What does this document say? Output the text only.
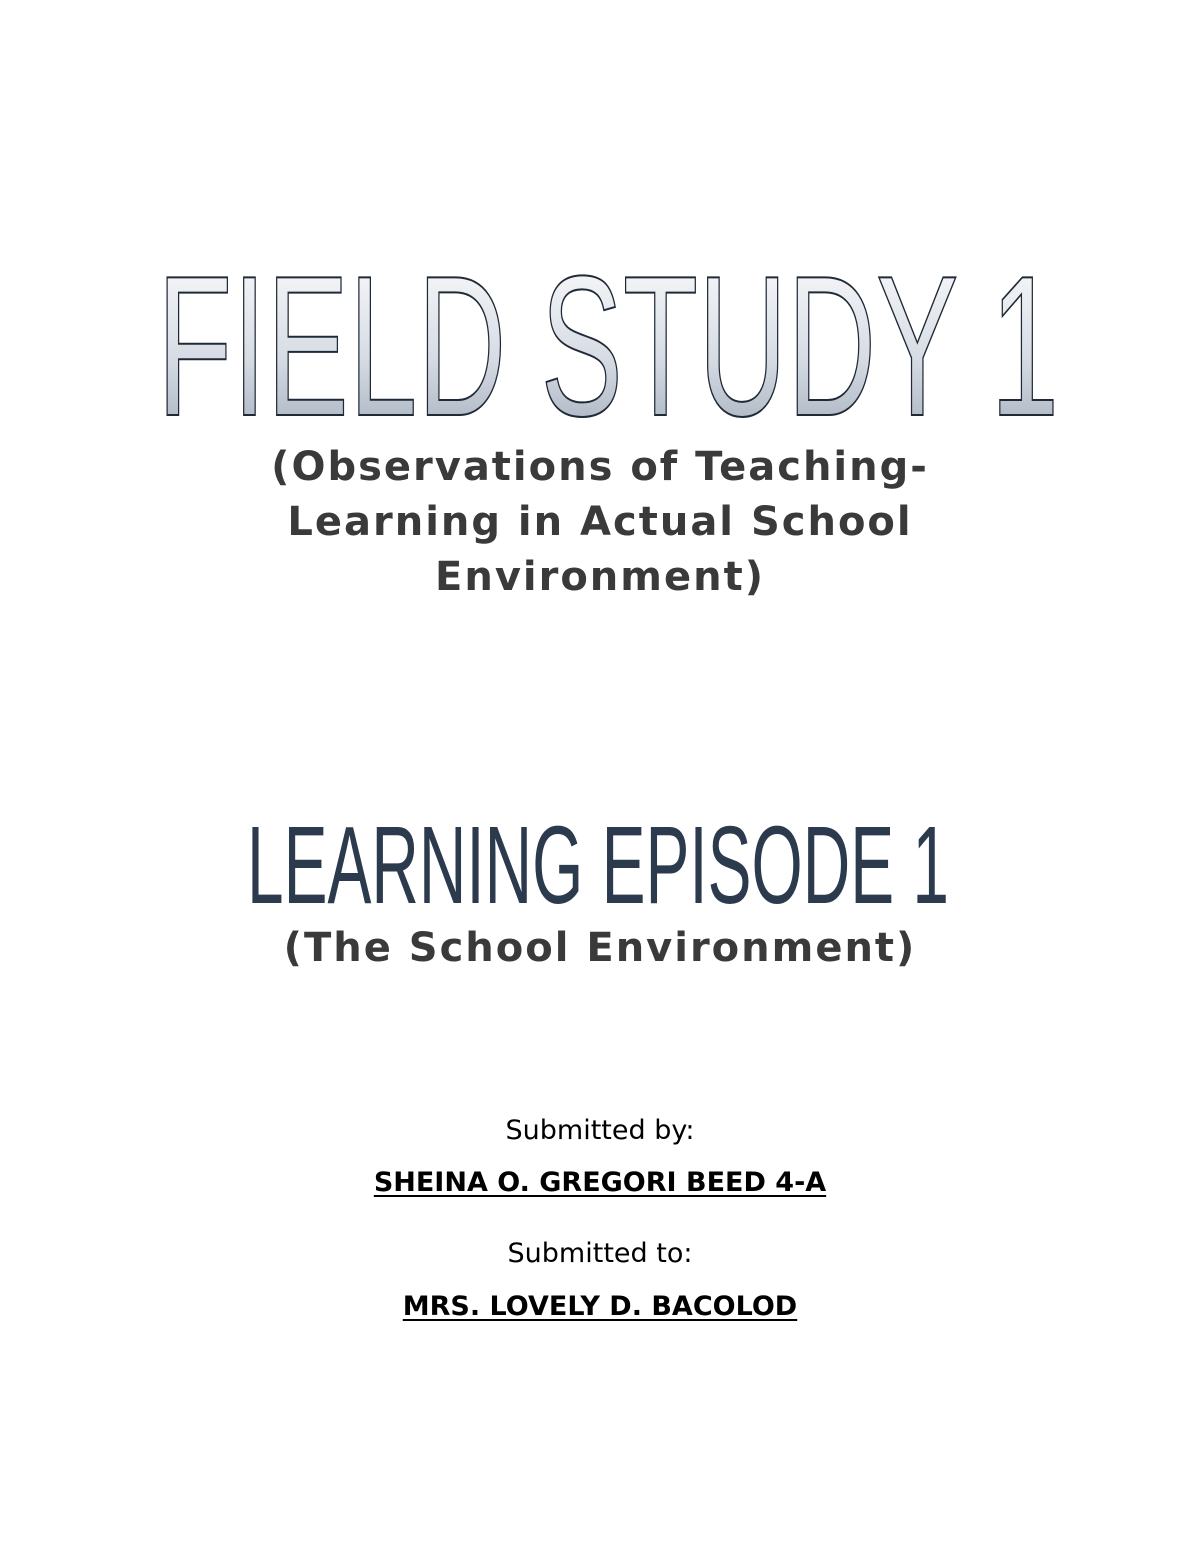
FIELD STUDY 1

(Observations of Teaching-
Learning in Actual School
Environment)

LEARNING EPISODE 1

(The School Environment)

Submitted by:

SHEINA O. GREGORI BEED 4-A

Submitted to:

MRS. LOVELY D. BACOLOD
